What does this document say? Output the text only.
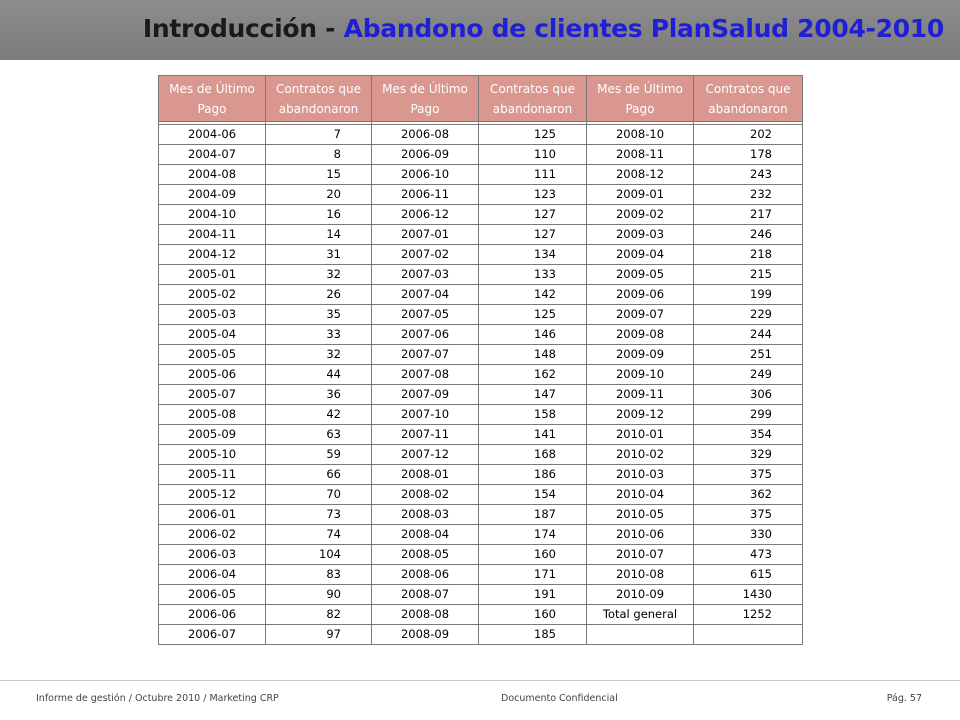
Introducción - Abandono de clientes PlanSalud 2004-2010
Mes de Último Pago	Contratos que abandonaron	Mes de Último Pago	Contratos que abandonaron	Mes de Último Pago	Contratos que abandonaron

2004-06	7	2006-08	125	2008-10	202
2004-07	8	2006-09	110	2008-11	178
2004-08	15	2006-10	111	2008-12	243
2004-09	20	2006-11	123	2009-01	232
2004-10	16	2006-12	127	2009-02	217
2004-11	14	2007-01	127	2009-03	246
2004-12	31	2007-02	134	2009-04	218
2005-01	32	2007-03	133	2009-05	215
2005-02	26	2007-04	142	2009-06	199
2005-03	35	2007-05	125	2009-07	229
2005-04	33	2007-06	146	2009-08	244
2005-05	32	2007-07	148	2009-09	251
2005-06	44	2007-08	162	2009-10	249
2005-07	36	2007-09	147	2009-11	306
2005-08	42	2007-10	158	2009-12	299
2005-09	63	2007-11	141	2010-01	354
2005-10	59	2007-12	168	2010-02	329
2005-11	66	2008-01	186	2010-03	375
2005-12	70	2008-02	154	2010-04	362
2006-01	73	2008-03	187	2010-05	375
2006-02	74	2008-04	174	2010-06	330
2006-03	104	2008-05	160	2010-07	473
2006-04	83	2008-06	171	2010-08	615
2006-05	90	2008-07	191	2010-09	1430
2006-06	82	2008-08	160	Total general	1252
2006-07	97	2008-09	185		
Informe de gestión / Octubre 2010 / Marketing CRP	Documento Confidencial	Pág. 57
